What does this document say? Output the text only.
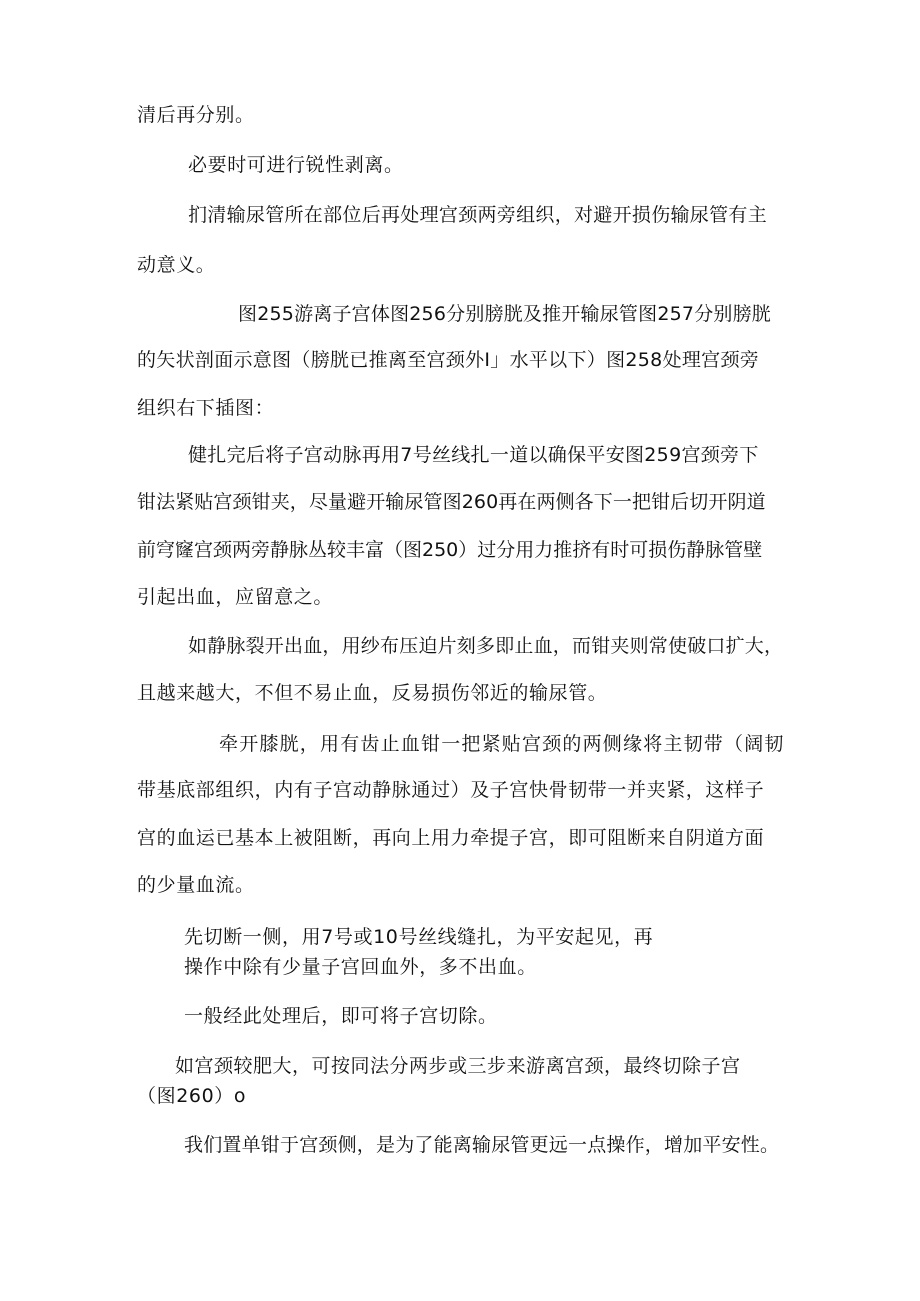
清后再分别。
必要时可进行锐性剥离。
扪清输尿管所在部位后再处理宫颈两旁组织，对避开损伤输尿管有主
动意义。
图255游离子宫体图256分别膀胱及推开输尿管图257分别膀胱
的矢状剖面示意图（膀胱已推离至宫颈外I」水平以下）图258处理宫颈旁
组织右下插图：
健扎完后将子宫动脉再用7号丝线扎一道以确保平安图259宫颈旁下
钳法紧贴宫颈钳夹，尽量避开输尿管图260再在两侧各下一把钳后切开阴道
前穹窿宫颈两旁静脉丛较丰富（图250）过分用力推挤有时可损伤静脉管壁
引起出血，应留意之。
如静脉裂开出血，用纱布压迫片刻多即止血，而钳夹则常使破口扩大，
且越来越大，不但不易止血，反易损伤邻近的输尿管。
牵开膝胱，用有齿止血钳一把紧贴宫颈的两侧缘将主韧带（阔韧
带基底部组织，内有子宫动静脉通过）及子宫快骨韧带一并夹紧，这样子
宫的血运已基本上被阻断，再向上用力牵提子宫，即可阻断来自阴道方面
的少量血流。
先切断一侧，用7号或10号丝线缝扎，为平安起见，再
操作中除有少量子宫回血外，多不出血。
一般经此处理后，即可将子宫切除。
如宫颈较肥大，可按同法分两步或三步来游离宫颈，最终切除子宫
（图260）o
我们置单钳于宫颈侧，是为了能离输尿管更远一点操作，增加平安性。
